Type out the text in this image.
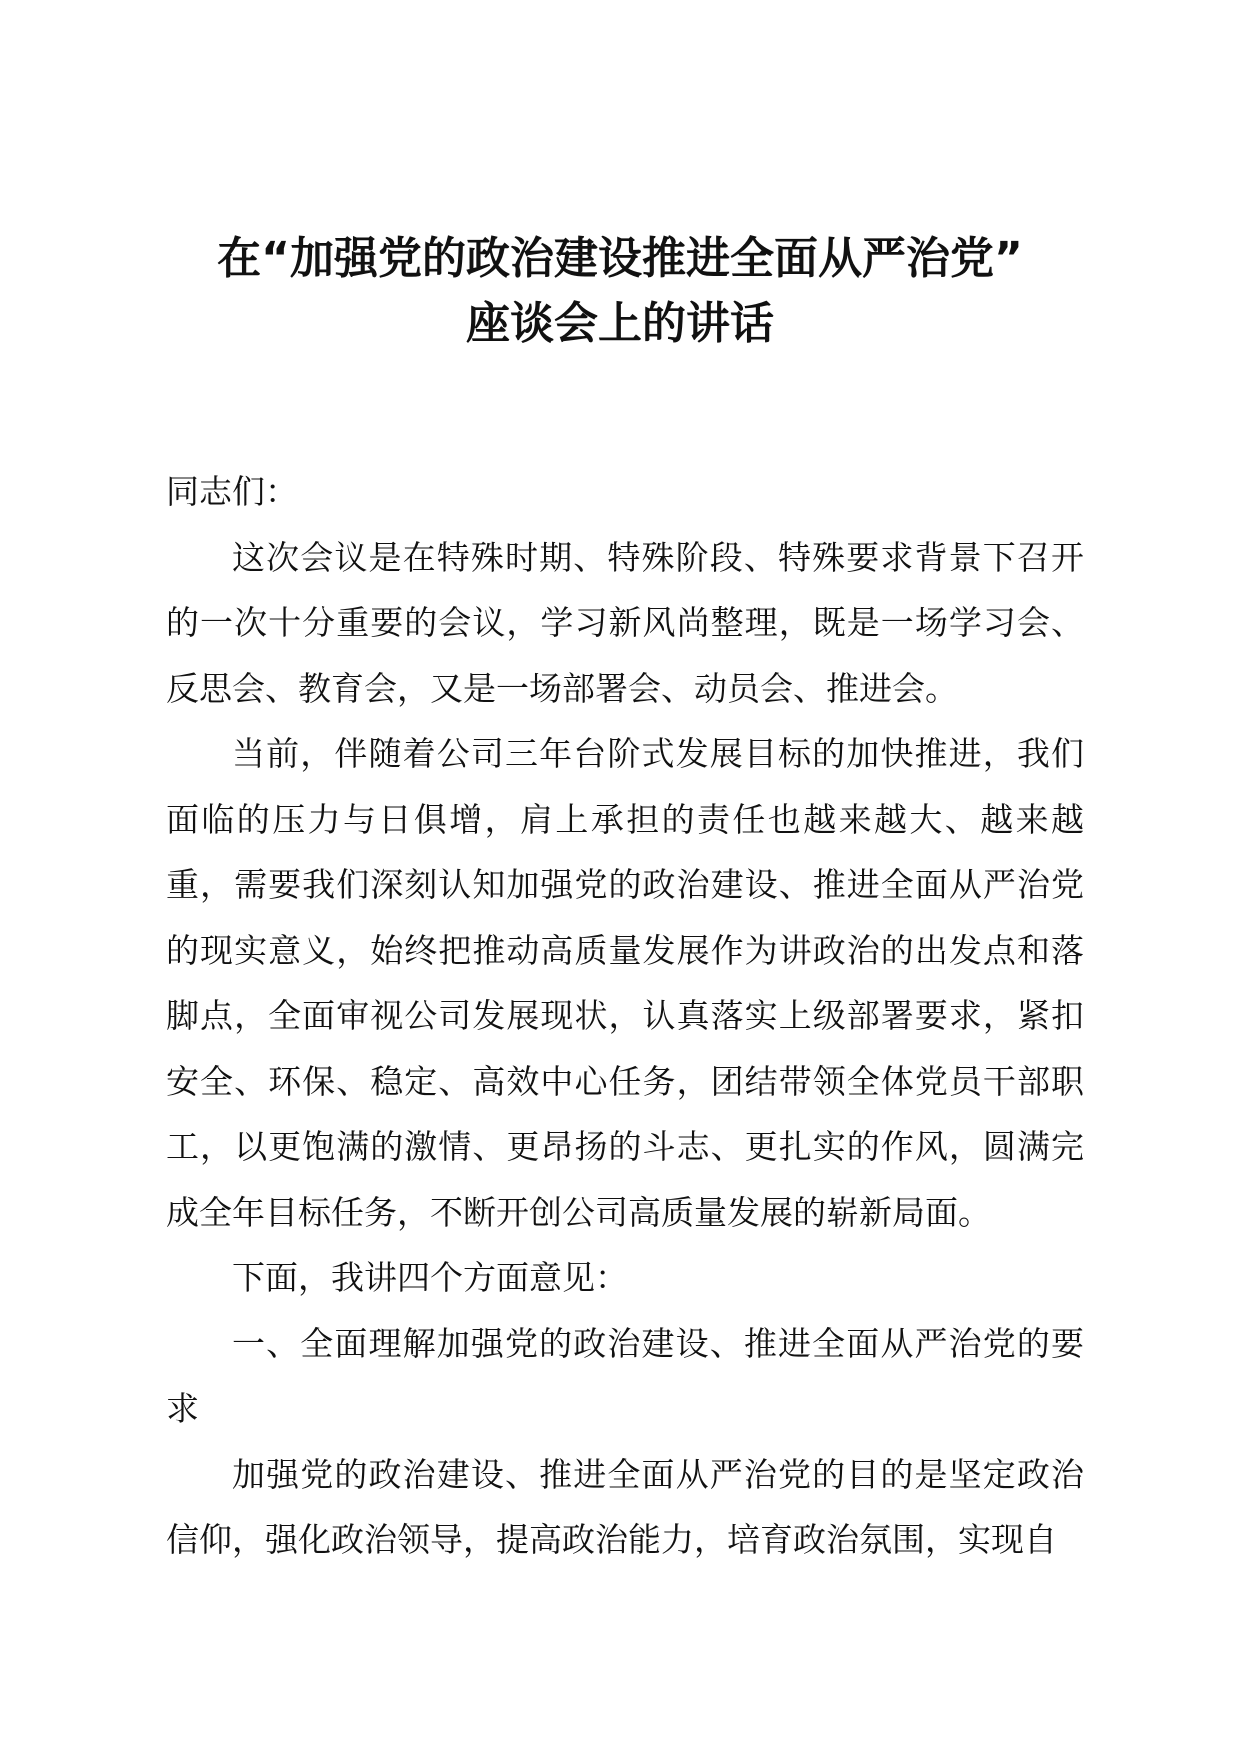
在“加强党的政治建设推进全面从严治党”
座谈会上的讲话

同志们：

这次会议是在特殊时期、特殊阶段、特殊要求背景下召开的一次十分重要的会议，学习新风尚整理，既是一场学习会、反思会、教育会，又是一场部署会、动员会、推进会。

当前，伴随着公司三年台阶式发展目标的加快推进，我们面临的压力与日俱增，肩上承担的责任也越来越大、越来越重，需要我们深刻认知加强党的政治建设、推进全面从严治党的现实意义，始终把推动高质量发展作为讲政治的出发点和落脚点，全面审视公司发展现状，认真落实上级部署要求，紧扣安全、环保、稳定、高效中心任务，团结带领全体党员干部职工，以更饱满的激情、更昂扬的斗志、更扎实的作风，圆满完成全年目标任务，不断开创公司高质量发展的崭新局面。

下面，我讲四个方面意见：

一、全面理解加强党的政治建设、推进全面从严治党的要求

加强党的政治建设、推进全面从严治党的目的是坚定政治信仰，强化政治领导，提高政治能力，培育政治氛围，实现自
